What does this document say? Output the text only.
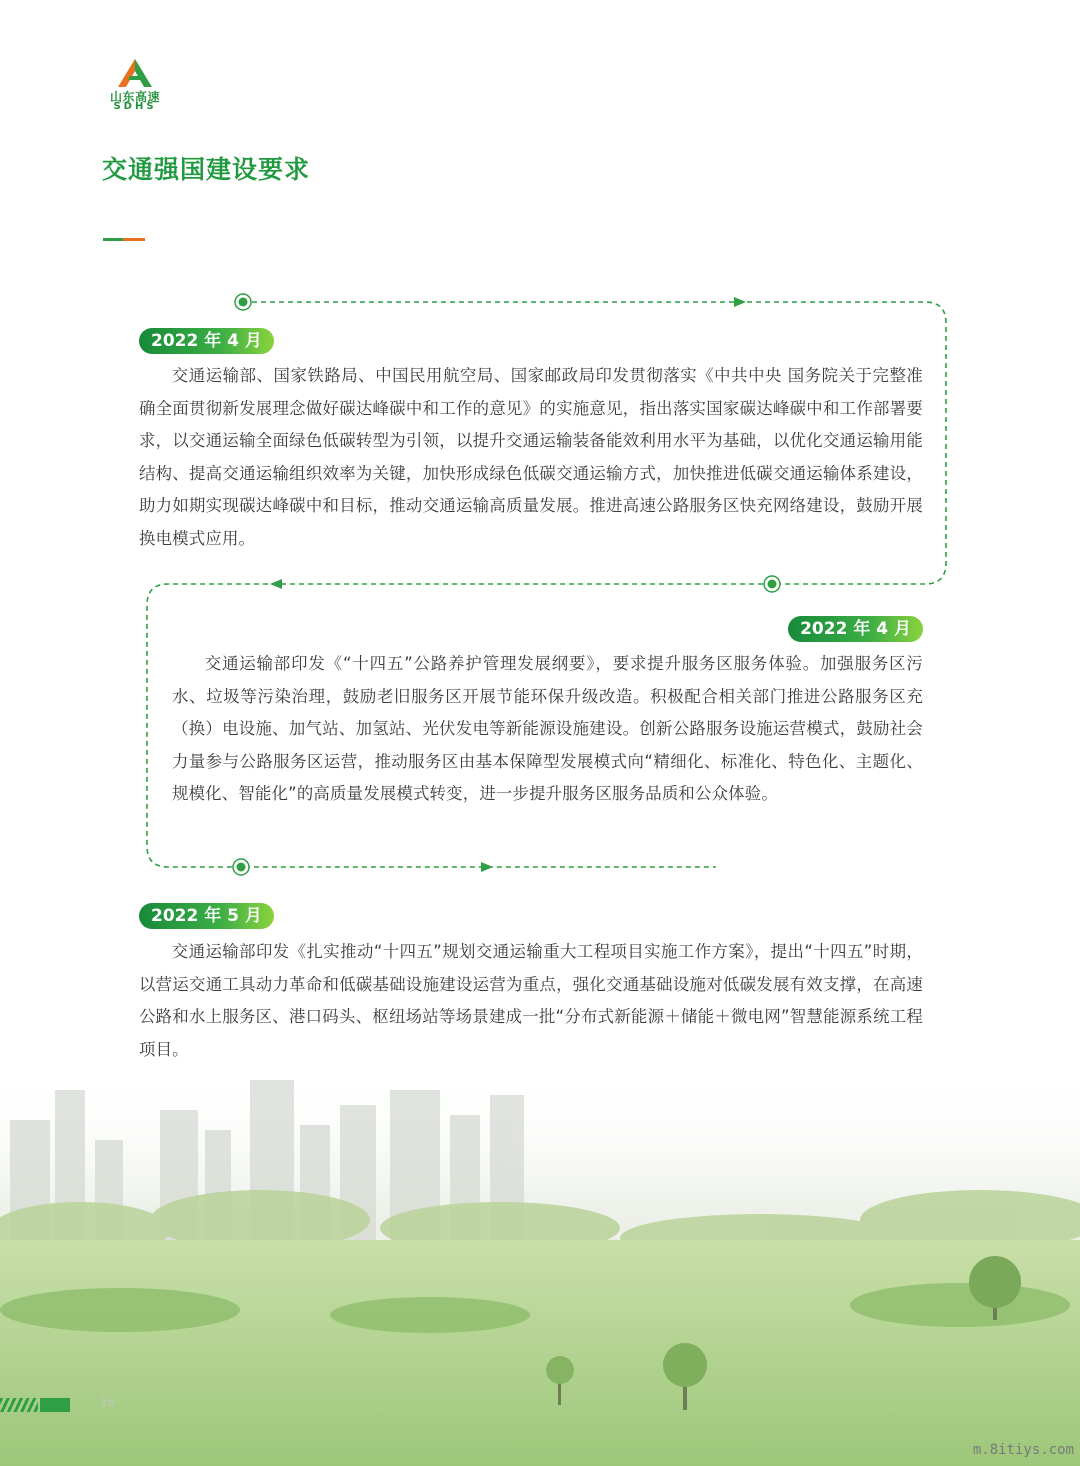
山东高速
SDHS
交通强国建设要求
2022 年 4 月

交通运输部、国家铁路局、中国民用航空局、国家邮政局印发贯彻落实《中共中央 国务院关于完整准确全面贯彻新发展理念做好碳达峰碳中和工作的意见》的实施意见，指出落实国家碳达峰碳中和工作部署要求，以交通运输全面绿色低碳转型为引领，以提升交通运输装备能效利用水平为基础，以优化交通运输用能结构、提高交通运输组织效率为关键，加快形成绿色低碳交通运输方式，加快推进低碳交通运输体系建设，助力如期实现碳达峰碳中和目标，推动交通运输高质量发展。推进高速公路服务区快充网络建设，鼓励开展换电模式应用。

2022 年 4 月

交通运输部印发《“十四五”公路养护管理发展纲要》，要求提升服务区服务体验。加强服务区污水、垃圾等污染治理，鼓励老旧服务区开展节能环保升级改造。积极配合相关部门推进公路服务区充（换）电设施、加气站、加氢站、光伏发电等新能源设施建设。创新公路服务设施运营模式，鼓励社会力量参与公路服务区运营，推动服务区由基本保障型发展模式向“精细化、标准化、特色化、主题化、规模化、智能化”的高质量发展模式转变，进一步提升服务区服务品质和公众体验。

2022 年 5 月

交通运输部印发《扎实推动“十四五”规划交通运输重大工程项目实施工作方案》，提出“十四五”时期，以营运交通工具动力革命和低碳基础设施建设运营为重点，强化交通基础设施对低碳发展有效支撑，在高速公路和水上服务区、港口码头、枢纽场站等场景建成一批“分布式新能源＋储能＋微电网”智慧能源系统工程项目。

16
m.8itiys.com
